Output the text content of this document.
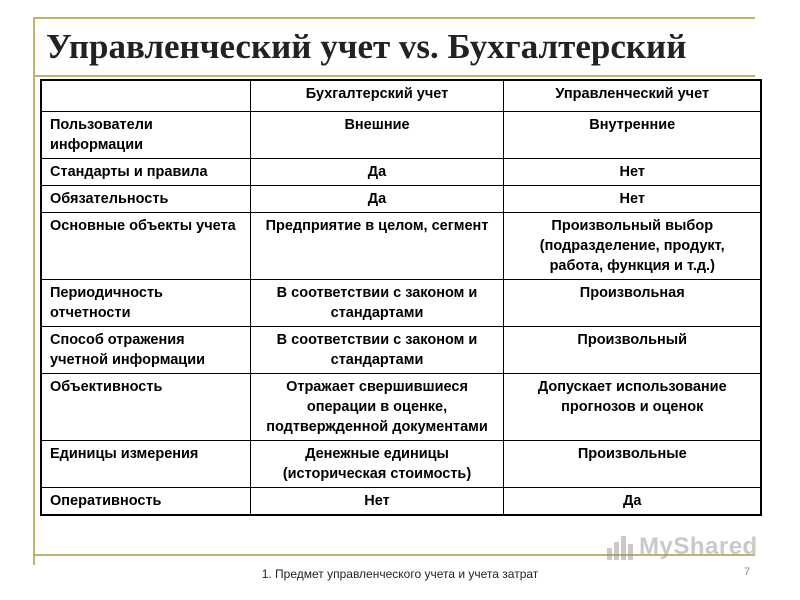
Управленческий учет vs. Бухгалтерский
	Бухгалтерский учет	Управленческий учет
Пользователи информации	Внешние	Внутренние
Стандарты и правила	Да	Нет
Обязательность	Да	Нет
Основные объекты учета	Предприятие в целом, сегмент	Произвольный выбор (подразделение, продукт, работа, функция и т.д.)
Периодичность отчетности	В соответствии с законом и стандартами	Произвольная
Способ отражения учетной информации	В соответствии с законом и стандартами	Произвольный
Объективность	Отражает свершившиеся операции в оценке, подтвержденной документами	Допускает использование прогнозов и оценок
Единицы измерения	Денежные единицы (историческая стоимость)	Произвольные
Оперативность	Нет	Да
MyShared
1. Предмет управленческого учета и учета затрат	7
